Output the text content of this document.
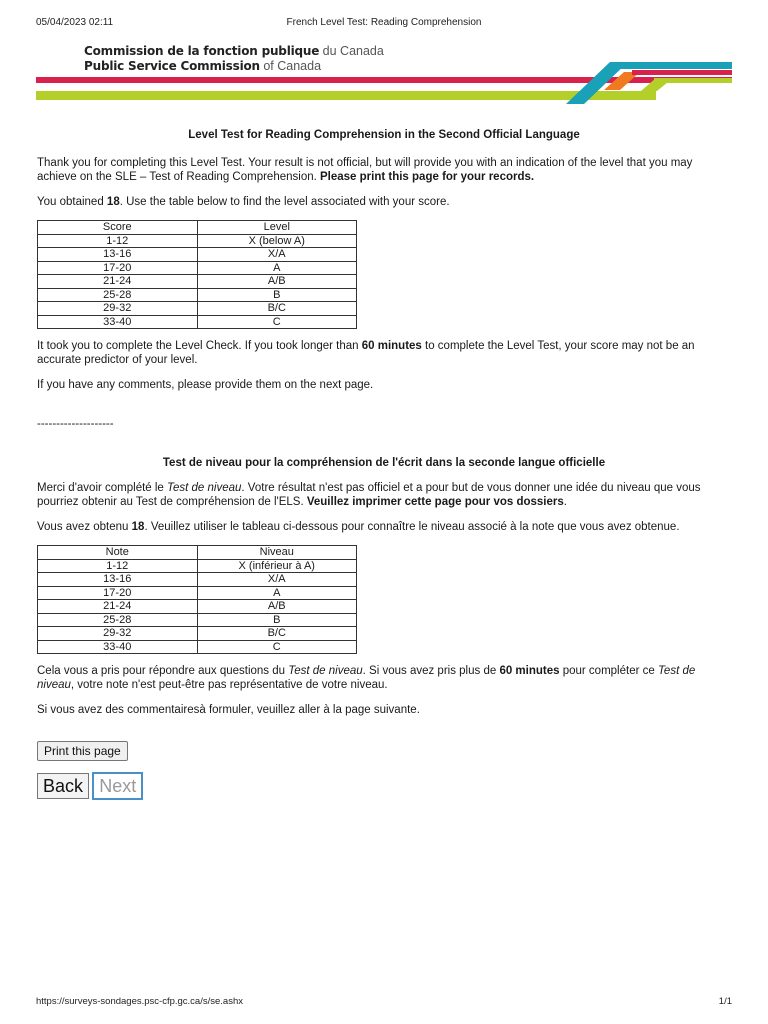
05/04/2023 02:11	French Level Test: Reading Comprehension
Commission de la fonction publique du Canada
Public Service Commission of Canada

Level Test for Reading Comprehension in the Second Official Language

Thank you for completing this Level Test. Your result is not official, but will provide you with an indication of the level that you may achieve on the SLE – Test of Reading Comprehension. Please print this page for your records.

You obtained 18. Use the table below to find the level associated with your score.

Score	Level
1-12	X (below A)
13-16	X/A
17-20	A
21-24	A/B
25-28	B
29-32	B/C
33-40	C

It took you to complete the Level Check. If you took longer than 60 minutes to complete the Level Test, your score may not be an accurate predictor of your level.

If you have any comments, please provide them on the next page.

--------------------

Test de niveau pour la compréhension de l'écrit dans la seconde langue officielle

Merci d'avoir complété le Test de niveau. Votre résultat n'est pas officiel et a pour but de vous donner une idée du niveau que vous pourriez obtenir au Test de compréhension de l'ELS. Veuillez imprimer cette page pour vos dossiers.

Vous avez obtenu 18. Veuillez utiliser le tableau ci-dessous pour connaître le niveau associé à la note que vous avez obtenue.

Note	Niveau
1-12	X (inférieur à A)
13-16	X/A
17-20	A
21-24	A/B
25-28	B
29-32	B/C
33-40	C

Cela vous a pris pour répondre aux questions du Test de niveau. Si vous avez pris plus de 60 minutes pour compléter ce Test de niveau, votre note n'est peut-être pas représentative de votre niveau.

Si vous avez des commentairesà formuler, veuillez aller à la page suivante.

Print this page
Back Next
https://surveys-sondages.psc-cfp.gc.ca/s/se.ashx	1/1
